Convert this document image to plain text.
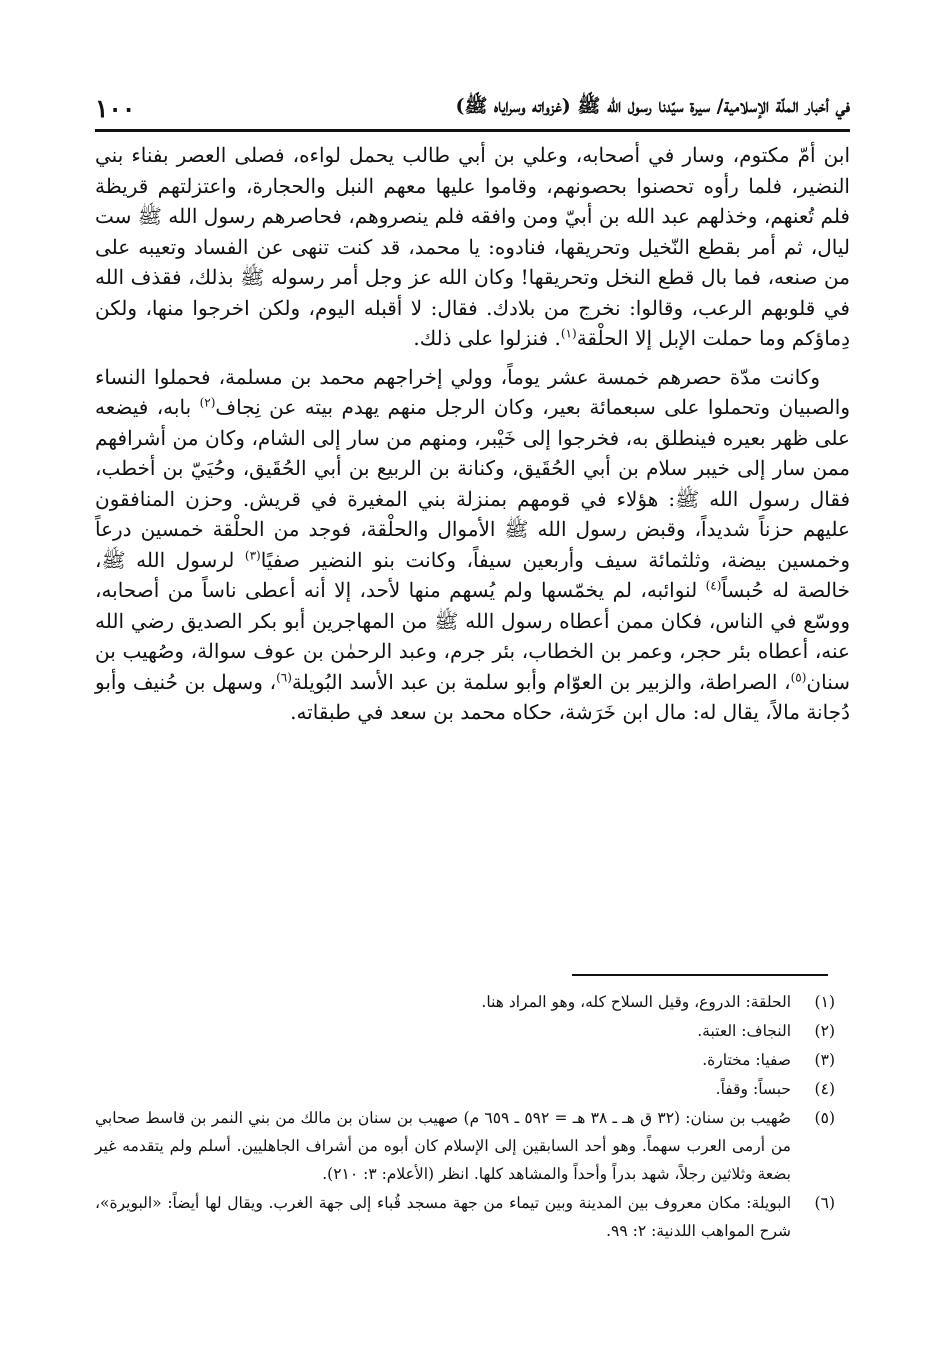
١٠٠	في أخبار الملّة الإسلامية/ سيرة سيّدنا رسول الله ﷺ (غزواته وسراياه ﷺ)

ابن أمّ مكتوم، وسار في أصحابه، وعلي بن أبي طالب يحمل لواءه، فصلى العصر بفناء بني النضير، فلما رأوه تحصنوا بحصونهم، وقاموا عليها معهم النبل والحجارة، واعتزلتهم قريظة فلم تُعنهم، وخذلهم عبد الله بن أبيّ ومن وافقه فلم ينصروهم، فحاصرهم رسول الله ﷺ ست ليال، ثم أمر بقطع النّخيل وتحريقها، فنادوه: يا محمد، قد كنت تنهى عن الفساد وتعيبه على من صنعه، فما بال قطع النخل وتحريقها! وكان الله عز وجل أمر رسوله ﷺ بذلك، فقذف الله في قلوبهم الرعب، وقالوا: نخرج من بلادك. فقال: لا أقبله اليوم، ولكن اخرجوا منها، ولكن دِماؤكم وما حملت الإبل إلا الحلْقة$^{(١)}$. فنزلوا على ذلك.

وكانت مدّة حصرهم خمسة عشر يوماً، وولي إخراجهم محمد بن مسلمة، فحملوا النساء والصبيان وتحملوا على سبعمائة بعير، وكان الرجل منهم يهدم بيته عن نِجاف$^{(٢)}$ بابه، فيضعه على ظهر بعيره فينطلق به، فخرجوا إلى خَيْبر، ومنهم من سار إلى الشام، وكان من أشرافهم ممن سار إلى خيبر سلام بن أبي الحُقَيق، وكنانة بن الربيع بن أبي الحُقَيق، وحُيَيّ بن أخطب، فقال رسول الله ﷺ: هؤلاء في قومهم بمنزلة بني المغيرة في قريش. وحزن المنافقون عليهم حزناً شديداً، وقبض رسول الله ﷺ الأموال والحلْقة، فوجد من الحلْقة خمسين درعاً وخمسين بيضة، وثلثمائة سيف وأربعين سيفاً، وكانت بنو النضير صفيًا$^{(٣)}$ لرسول الله ﷺ، خالصة له حُبساً$^{(٤)}$ لنوائبه، لم يخمّسها ولم يُسهم منها لأحد، إلا أنه أعطى ناساً من أصحابه، ووسّع في الناس، فكان ممن أعطاه رسول الله ﷺ من المهاجرين أبو بكر الصديق رضي الله عنه، أعطاه بئر حجر، وعمر بن الخطاب، بئر جرم، وعبد الرحمٰن بن عوف سوالة، وصُهيب بن سنان$^{(٥)}$، الصراطة، والزبير بن العوّام وأبو سلمة بن عبد الأسد البُويلة$^{(٦)}$، وسهل بن حُنيف وأبو دُجانة مالاً، يقال له: مال ابن خَرَشة، حكاه محمد بن سعد في طبقاته.

(١)
الحلقة: الدروع، وقيل السلاح كله، وهو المراد هنا.
(٢)
النجاف: العتبة.
(٣)
صفيا: مختارة.
(٤)
حبساً: وقفاً.
(٥)
صُهيب بن سنان: (٣٢ ق هـ ـ ٣٨ هـ = ٥٩٢ ـ ٦٥٩ م) صهيب بن سنان بن مالك من بني النمر بن قاسط صحابي من أرمى العرب سهماً. وهو أحد السابقين إلى الإسلام كان أبوه من أشراف الجاهليين. أسلم ولم يتقدمه غير بضعة وثلاثين رجلاً، شهد بدراً وأحداً والمشاهد كلها. انظر (الأعلام: ٣: ٢١٠).
(٦)
البويلة: مكان معروف بين المدينة وبين تيماء من جهة مسجد قُباء إلى جهة الغرب. ويقال لها أيضاً: «البويرة»، شرح المواهب اللدنية: ٢: ٩٩.
